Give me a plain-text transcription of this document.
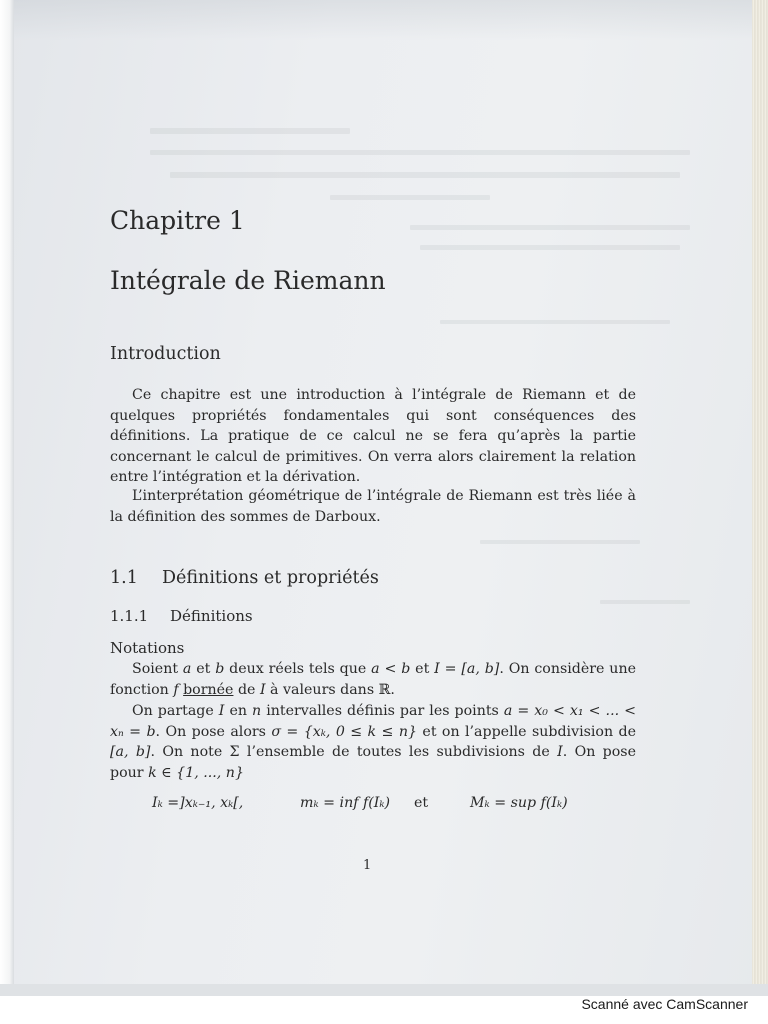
Chapitre 1
Intégrale de Riemann
Introduction
Ce chapitre est une introduction à l’intégrale de Riemann et de quelques propriétés fondamentales qui sont conséquences des définitions. La pratique de ce calcul ne se fera qu’après la partie concernant le calcul de primitives. On verra alors clairement la relation entre l’intégration et la dérivation.
L’interprétation géométrique de l’intégrale de Riemann est très liée à la définition des sommes de Darboux.
1.1 Définitions et propriétés
1.1.1 Définitions
Notations
Soient a et b deux réels tels que a < b et I = [a, b]. On considère une fonction f bornée de I à valeurs dans ℝ.
On partage I en n intervalles définis par les points a = x₀ < x₁ < ... < xₙ = b. On pose alors σ = {xₖ, 0 ≤ k ≤ n} et on l’appelle subdivision de [a, b]. On note Σ l’ensemble de toutes les subdivisions de I. On pose pour k ∈ {1, ..., n}
Iₖ =]xₖ₋₁, xₖ[,	mₖ = inf f(Iₖ) et	Mₖ = sup f(Iₖ)
1
Scanné avec CamScanner
